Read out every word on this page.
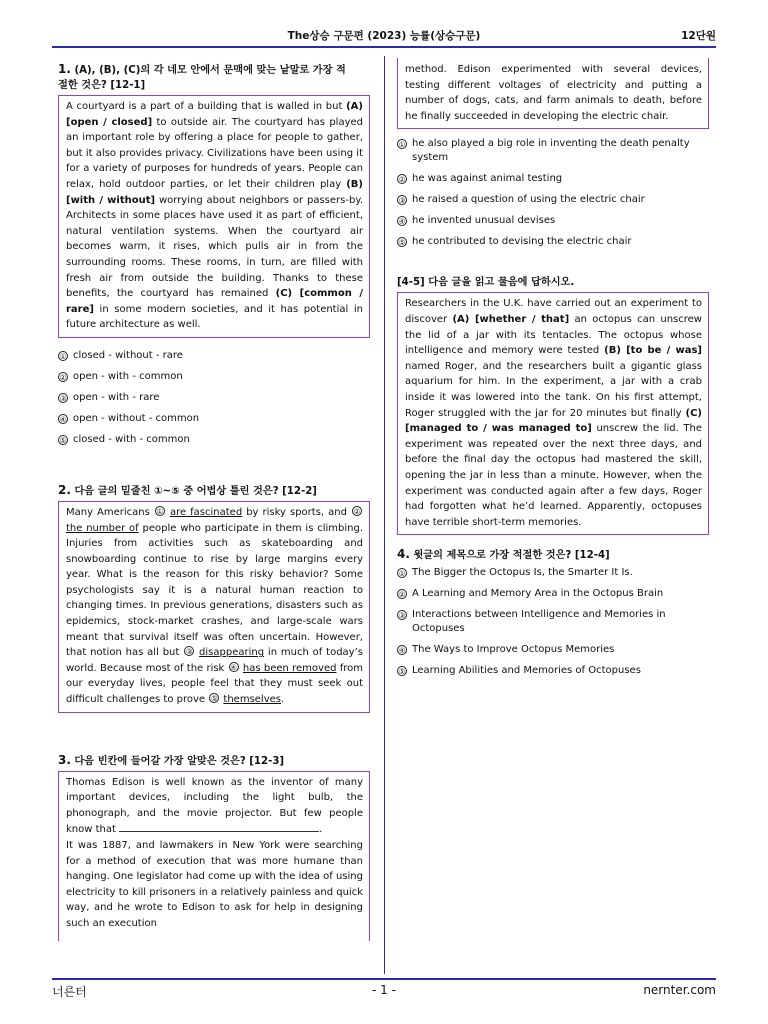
The상승 구문편 (2023) 능률(상승구문)	12단원

1. (A), (B), (C)의 각 네모 안에서 문맥에 맞는 낱말로 가장 적
절한 것은? [12-1]

A courtyard is a part of a building that is walled in but (A) [open / closed] to outside air. The courtyard has played an important role by offering a place for people to gather, but it also provides privacy. Civilizations have been using it for a variety of purposes for hundreds of years. People can relax, hold outdoor parties, or let their children play (B) [with / without] worrying about neighbors or passers-by. Architects in some places have used it as part of efficient, natural ventilation systems. When the courtyard air becomes warm, it rises, which pulls air in from the surrounding rooms. These rooms, in turn, are filled with fresh air from outside the building. Thanks to these benefits, the courtyard has remained (C) [common / rare] in some modern societies, and it has potential in future architecture as well.

① closed - without - rare

② open - with - common

③ open - with - rare

④ open - without - common

⑤ closed - with - common

2. 다음 글의 밑줄친 ①~⑤ 중 어법상 틀린 것은? [12-2]

Many Americans ① are fascinated by risky sports, and ② the number of people who participate in them is climbing. Injuries from activities such as skateboarding and snowboarding continue to rise by large margins every year. What is the reason for this risky behavior? Some psychologists say it is a natural human reaction to changing times. In previous generations, disasters such as epidemics, stock-market crashes, and large-scale wars meant that survival itself was often uncertain. However, that notion has all but ③ disappearing in much of today’s world. Because most of the risk ④ has been removed from our everyday lives, people feel that they must seek out difficult challenges to prove ⑤ themselves.

3. 다음 빈칸에 들어갈 가장 알맞은 것은? [12-3]

Thomas Edison is well known as the inventor of many important devices, including the light bulb, the phonograph, and the movie projector. But few people know that	.

It was 1887, and lawmakers in New York were searching for a method of execution that was more humane than hanging. One legislator had come up with the idea of using electricity to kill prisoners in a relatively painless and quick way, and he wrote to Edison to ask for help in designing such an execution

method. Edison experimented with several devices, testing different voltages of electricity and putting a number of dogs, cats, and farm animals to death, before he finally succeeded in developing the electric chair.

① he also played a big role in inventing the death penalty system

② he was against animal testing

③ he raised a question of using the electric chair

④ he invented unusual devises

⑤ he contributed to devising the electric chair

[4-5] 다음 글을 읽고 물음에 답하시오.

Researchers in the U.K. have carried out an experiment to discover (A) [whether / that] an octopus can unscrew the lid of a jar with its tentacles. The octopus whose intelligence and memory were tested (B) [to be / was] named Roger, and the researchers built a gigantic glass aquarium for him. In the experiment, a jar with a crab inside it was lowered into the tank. On his first attempt, Roger struggled with the jar for 20 minutes but finally (C) [managed to / was managed to] unscrew the lid. The experiment was repeated over the next three days, and before the final day the octopus had mastered the skill, opening the jar in less than a minute. However, when the experiment was conducted again after a few days, Roger had forgotten what he’d learned. Apparently, octopuses have terrible short-term memories.

4. 윗글의 제목으로 가장 적절한 것은? [12-4]

① The Bigger the Octopus Is, the Smarter It Is.

② A Learning and Memory Area in the Octopus Brain

③ Interactions between Intelligence and Memories in Octopuses

④ The Ways to Improve Octopus Memories

⑤ Learning Abilities and Memories of Octopuses

너른터	- 1 -	nernter.com
